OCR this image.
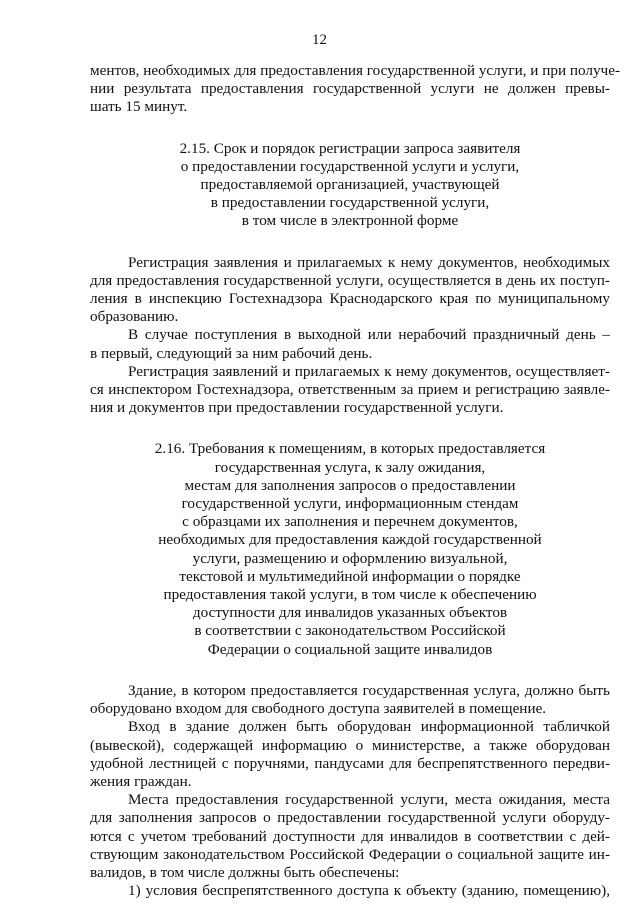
12

ментов, необходимых для предоставления государственной услуги, и при получе-
нии результата предоставления государственной услуги не должен превы-
шать 15 минут.

2.15. Срок и порядок регистрации запроса заявителя
о предоставлении государственной услуги и услуги,
предоставляемой организацией, участвующей
в предоставлении государственной услуги,
в том числе в электронной форме

Регистрация заявления и прилагаемых к нему документов, необходимых
для предоставления государственной услуги, осуществляется в день их поступ-
ления в инспекцию Гостехнадзора Краснодарского края по муниципальному
образованию.

В случае поступления в выходной или нерабочий праздничный день –
в первый, следующий за ним рабочий день.

Регистрация заявлений и прилагаемых к нему документов, осуществляет-
ся инспектором Гостехнадзора, ответственным за прием и регистрацию заявле-
ния и документов при предоставлении государственной услуги.

2.16. Требования к помещениям, в которых предоставляется
государственная услуга, к залу ожидания,
местам для заполнения запросов о предоставлении
государственной услуги, информационным стендам
с образцами их заполнения и перечнем документов,
необходимых для предоставления каждой государственной
услуги, размещению и оформлению визуальной,
текстовой и мультимедийной информации о порядке
предоставления такой услуги, в том числе к обеспечению
доступности для инвалидов указанных объектов
в соответствии с законодательством Российской
Федерации о социальной защите инвалидов

Здание, в котором предоставляется государственная услуга, должно быть
оборудовано входом для свободного доступа заявителей в помещение.

Вход в здание должен быть оборудован информационной табличкой
(вывеской), содержащей информацию о министерстве, а также оборудован
удобной лестницей с поручнями, пандусами для беспрепятственного передви-
жения граждан.

Места предоставления государственной услуги, места ожидания, места
для заполнения запросов о предоставлении государственной услуги оборуду-
ются с учетом требований доступности для инвалидов в соответствии с дей-
ствующим законодательством Российской Федерации о социальной защите ин-
валидов, в том числе должны быть обеспечены:

1) условия беспрепятственного доступа к объекту (зданию, помещению),
